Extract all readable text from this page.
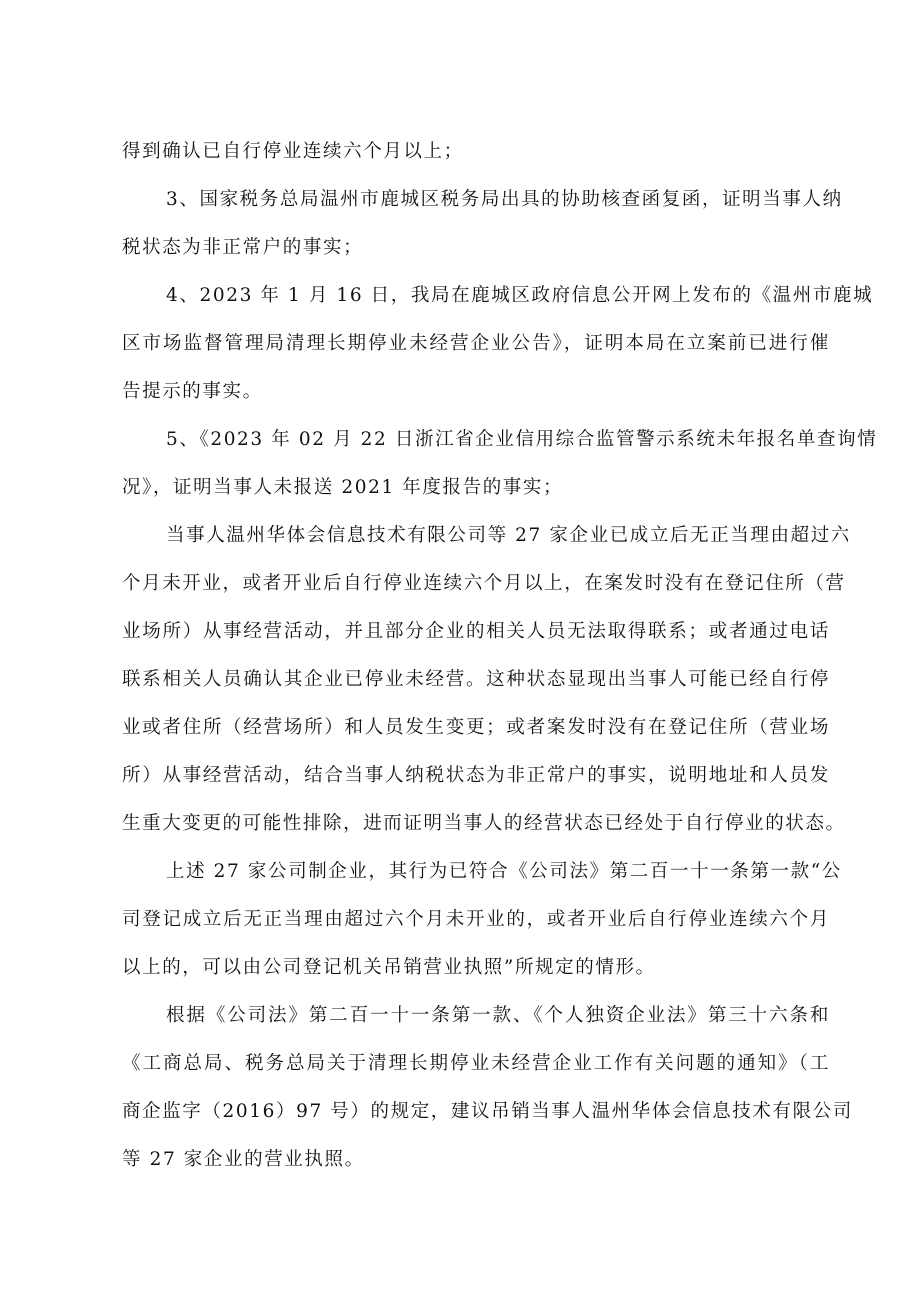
得到确认已自行停业连续六个月以上；
3、国家税务总局温州市鹿城区税务局出具的协助核查函复函，证明当事人纳
税状态为非正常户的事实；
4、2023 年 1 月 16 日，我局在鹿城区政府信息公开网上发布的《温州市鹿城
区市场监督管理局清理长期停业未经营企业公告》，证明本局在立案前已进行催
告提示的事实。
5、《2023 年 02 月 22 日浙江省企业信用综合监管警示系统未年报名单查询情
况》，证明当事人未报送 2021 年度报告的事实；
当事人温州华体会信息技术有限公司等 27 家企业已成立后无正当理由超过六
个月未开业，或者开业后自行停业连续六个月以上，在案发时没有在登记住所（营
业场所）从事经营活动，并且部分企业的相关人员无法取得联系；或者通过电话
联系相关人员确认其企业已停业未经营。这种状态显现出当事人可能已经自行停
业或者住所（经营场所）和人员发生变更；或者案发时没有在登记住所（营业场
所）从事经营活动，结合当事人纳税状态为非正常户的事实，说明地址和人员发
生重大变更的可能性排除，进而证明当事人的经营状态已经处于自行停业的状态。
上述 27 家公司制企业，其行为已符合《公司法》第二百一十一条第一款“公
司登记成立后无正当理由超过六个月未开业的，或者开业后自行停业连续六个月
以上的，可以由公司登记机关吊销营业执照”所规定的情形。
根据《公司法》第二百一十一条第一款、《个人独资企业法》第三十六条和
《工商总局、税务总局关于清理长期停业未经营企业工作有关问题的通知》（工
商企监字（2016）97 号）的规定，建议吊销当事人温州华体会信息技术有限公司
等 27 家企业的营业执照。
